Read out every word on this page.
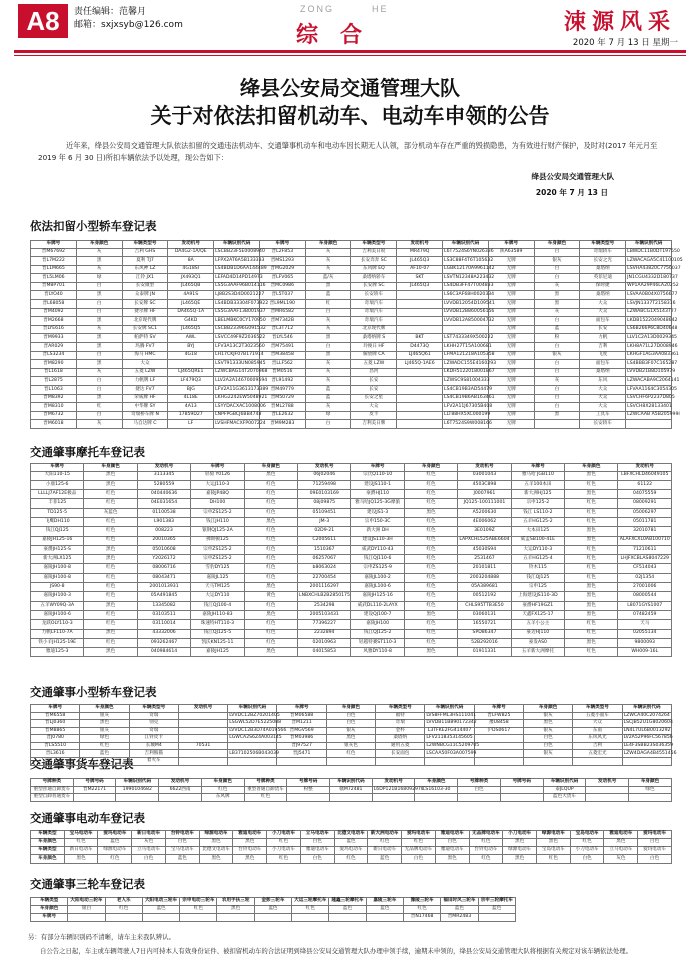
A8	责任编辑：范馨月
邮箱：sxjxsyb@126.com
ZONG	HE
综合
涑源风采
2020 年 7 月 13 日 星期一
绛县公安局交通管理大队
关于对依法扣留机动车、电动车申领的公告
近年来，绛县公安局交通管理大队依法扣留的交通违法机动车、交通肇事机动车和电动车因长期无人认领，部分机动车存在严重的毁损隐患，为有效进行财产保护，及时对(2017 年元月至 2019 年 6 月 30 日)所扣车辆依法予以处理，现公告如下：
绛县公安局交通管理大队
2020 年 7 月 13 日
依法扣留小型轿车登记表
交通肇事摩托车登记表
交通肇事小型轿车登记表
交通肇事货车登记表
交通肇事电动车登记表
交通肇事三轮车登记表
车牌号	车身颜色	车辆类型号	发动机号	车辆识别代码	车牌号	车身颜色	车辆类型号	发动机号	车辆识别代码	车牌号	车身颜色	车辆类型号	车辆识别代码
晋M67692	灰	吉利 GHS	DA4G2-1A/QE	LSCBB23F5E0008940	晋L2F853	灰	吉利美日锐	MR479Q	L6T7524S6YN026336	陕A63589	白	奇瑞轿车	LBWDC11B0DT197550
晋L7M222	黑	夏利 TJ7	8A	LFPX2AT6A5B133333	晋MS1293	灰	长安奔奔 SC	JL465Q3	LS3C88F4T6T105632	无牌	银灰	长安之光	LZWACAGA5C41100105
晋L1M665	灰	东风神 LZ	4G18SI	LS4BDB1D6AA144489	晋MG2029	灰	东风牌 EQ	AF10-07	LGBK12170A9961142	无牌	白	桑塔纳	LSVHA43820C7756037
晋L5LM06	绿	江铃 JX1	JX493Q1	LEFAD4D14PD14973	晋LFV065	蓝/灰	桑塔纳轿车	SKT	LSVTN12348A223432	无牌	白	英菲尼迪	JN1CGU4332D180737
晋M8P701	白	长安微型	JL465QB	LS5G3AAF96B014116	晋MC0986	黑	长安牌 SC	JL465Q3	LS4DB3FF47T004833	无牌	灰	保时捷	WP1AA29P46LA20252
晋LYO40	黑	众泰牌 JN	4A91S	LJ8B2S3D4D0021227	晋L5T037	蓝	长安轿车		LS6C3AF68H0020334	无牌	黑	桑塔纳	LSVAA0B04X0756677
晋L68058	白	长安牌 SC	JL465QE	LS4BDB33304F073922	晋L9ML190	红	奇瑞汽车		LVVDB12054D109541	无牌	黑	大众	LSVJN1337T2158316
晋M4092	白	捷尔牌 HF	DA465Q-1A	LS5G3AAF13B001937	晋MR6582	白	奇瑞汽车		LVVDB12B860056156	无牌	灰	大众	LZWABCG1X5143777
晋M2668	黑	北京现代牌	G4KD	LBELMBKC0CY170950	晋M7342B	灰	奇瑞汽车		LVVDB12A850004732	无牌	白	面包车	LKDB1522049048642
晋LYE616	灰	长安牌 SC1	JL465Q5	LSCBB23396G091532	晋L3T712	灰	北京现代牌			无牌	蓝	长安	LS6B266P6C8D40648
晋M9933	黑	帕萨特 SV	AWL	LSVCC49F9Z2036522	晋LYL546	黑	桑塔纳牌 S	BKT	LST7433349X500222	无牌	粉	力帆	LLV1C2A13D0029345
晋AR029	黑	玛腾 FV7	BYJ	LFV3A13C2T3023560	晋M75491	白	玲俊日 HF	D4473Q	LKHH27T15A100681	无牌	白	吉利	LKH8A71L27D008946
晋LS3234	白	海马 HMC	4G18	LH17CKJF07B171914	晋M38458	黑	解放牌 CA	LJ465Q61	LFMA121218A105358	无牌	银灰	飞度	LKHGF1AG3AA083361
晋M8290	黑	大众		LSVT91333UN085945	晋LLF562	灰	五菱 LZW	LJ465Q-1AE6	LZWADC155E4160293	无牌	白	面包车	LS4BBB3F07C165287
晋L1618	灰	五菱 LZW	LJ465QRE1	LZWCBAG14T2070968	晋M0516	灰	昌河		LKDH5122018001867	无牌	白	桑塔纳	LVVDB21B8D105979
晋L2875	白	力帆牌 LF	LF479Q3	LLV2A2A14670009594	晋L91492	灰	长安		LZWSC9S81004333	无牌	灰	东风	LZWACABA9C2064141
晋L1063	白	捷达 FV7	BJG	LFV2A11G3613173389	晋M49779	蓝	长安		LS4CB19B3AD54479	无牌	白	大众	LFVAA1164C3054305
晋M8392	黑	荣威牌 HF	4L18E	LKHG2242EW5048921	晋M50729	蓝	长安之星		LS4CB19B6AB163461	无牌	白	大众	LSVCHF6P2237D805
晋M8310	红	中华牌 SY	4A13	LSYYDACXAC1008006	晋ML2788	灰	大众		LFV2A11J67305B408	无牌	白	大众	LSVCH8X28133401
晋M6732	白	奇瑞桥车牌 N	17859D27	LNPFPGBCJ6BB4748	晋LE2632	绿	皮卡		LLT88HX5XC000199	无牌	黑	工具车	LZWCAAB A5B205999I
晋M6018	灰	马自达牌 C	LF	LVSHFMACXFP007224	晋M9M283	白	吉利美日牌		L6T7524S9W008166	无牌		长安轿车	
车牌号	车身颜色	发动机号	车牌号	车身颜色	发动机号	车牌号	车身颜色	发动机号	车牌号	车身颜色	发动机号
大阳110-15	黑色	3113345	轻骑 Y0126	黑色	06J02046	宗氏Q110-10	红色	03001043	雅马哈 JGB110	黑色	LBFXCHLD46049105
小康125-6	黑色	5280559	大运J110-3	红色	71259498	建设JS110-1	红色	4503C898	五羊100本田	红色	61122
LLLLJ7AF12E极品	红色	040440636	嘉陵JP48Q	红色	09E0103169	豪爵HJ110	红色	J0007961	新大洲HJ125	黑色	04075559
丰菲125	红色	04E031654	DH100	红色	08j09875	雅马哈JQ125-3G摩旅	红色	JQ125-100111001	宗申125-2	红色	08009291
TD125-5	灰蓝色	01100538	宗申ZS125-2	红色	05109451	建设JS1-3	黑色	A5200630	钱江 LS110-2	红色	05006297
飞鹰DH110	红色	L901383	钱江JH110	黑色	JM-3	宗申150-3C	红色	4E006062	五羊HG125-2	红色	05011781
钱江QJ125	红色	008223	银钢QJ125-2A	红色	02D9-21	新大洲 DH	红色	3E0109Z	大本田125	黑色	32010781
嘉陵JH125-16	红色	20010365	佛斯顿125	红色	C2005611	建设JS110-3H	红色	LAPXCHL525ABE6604	威孟SB100-41E	黑色	ALAFXCXL0AB100710
豪爵JH125-S	黑色	05010608	宗申ZS125-2	红色	1510367	威武DY110-43	红色	45030S94	大运DY110-3	红色	71210611
新大洲LX125	黑色	Y2026172	宗申ZS125-2	红色	06257067	钱江QJ110-6	红色	2531467	五羊HG125-4	红色	LHJFXCBLAS8047229
嘉陵JH100-8	红色	08006716	雪豹DY125	红色	b8063024	宗申ZS125-9	红色	20101811	铃木115	红色	CF514043
嘉陵JH100-8	红色	08043471	嘉陵JL125	红色	22700454	嘉陵JL100-2	红色	2003204888	钱江QJ125	红色	02J1354
JS90-8	红色	2001013931	天马TM125	黑色	2001116297	嘉陵JL100-6	红色	05A389681	宗申125	黑色	27001006
嘉陵JH100-3	红色	05A491845	大运DY110	黄色	LNBXCHLB2B2850175	嘉陵JH125-16	红色	00512192	上海建设JS110-3D	黑色	08000544
五羊WY09Q-3A	黑色	13345082	钱江QJ100-4	红色	2534298	威武DL110-2LAYX	红色	CHLS95TTB3E50	豪爵HF19GZ1	黑色	L8071GYS1007
嘉陵JH100-6	红色	03103511	嘉陵JH110-83	黑色	2005103431	建设QJ100-7	黑色	03060131	天鑫FX125-17	黑色	07482459
龙跃OLY110-3	红色	03110014	珠速特HT110-3	红色	77396227	嘉陵JH100	红色	16550721	五羊小公主	红色	天马
力帆LF110-7A	黑色	43332006	钱江QJ125-5	红色	2232894	钱江QJ125-2	红色	SPD86347	豪迈HJ110	红色	02055134
铁小羊JH125-19E	红色	093262467	凯沃KN125-11	红色	02010963	轻越特赛ST110-3	红色	52B292016	豪发AS0	黑色	9800093
雅迪125-3	黑色	040984614	嘉陵JH125	黑色	04015853	风雅DY110-8	黑色	01911331	五羊新大洲摩托	红色	WH009-16L
车牌号	车身颜色	车辆类型号	发动机号	车辆识别代码	车牌号	车身颜色	车辆类型号	车辆识别代码	车牌号	车身颜色	车辆类型号	车辆识别代码
晋M6558	银灰	奇瑞		LVVDC12BZ70201405	晋M06588	白色	福特	LVS8FFML3HS111041	晋LFW825	银灰	五菱小面车	LZWCA40C2074264
晋LJ0360	黑色	别克		LSGWL52D7E5225088	晋M1211	白色	奇瑞	LVVDB11B890172342	豫U8458	黑色	大众	LSCJB52U1G8020604
晋M8865	银灰	奇瑞		LVVDC12B3D74A019566	晋MGV569	银灰	金杯	L3TFKE2FG414407	沪DS0617	银灰	东南	LN4L7UL6B0013292
晋J0780	绿色	江铃皮卡		LGWCA2S6Z4A003145	晋M03986	黑色	桑塔纳	LFV2118353145605		白色	东风风光	LV2A52P96FC567856
晋LS5510	红色	长城M4	70531		晋J97527	银灰色	通用五菱	L2WNBCG11C5209705		白色	吉利	LE4F3SBB23S036359
晋L3616	蓝色	吉利熊猫		LB37102506B043039	晋J5471	红色	长安面包	LSCAA50F03A007599		银灰	五菱宏光	LZW4DAGA4B4551456
		着火车										
号牌种类	号牌号码	车辆识别代码	发动机号	车身颜色	号牌种类	号牌号码	车辆识别代码	发动机号	车身颜色	号牌种类	号牌号码	车辆识别代码	发动机号	车身颜色
重型普通自卸货车	晋M22171	1990104682	6622西南	红色	重型普通自卸货车	粉整	赣M72481	L6DP121B168092970	CS16103-30	白色		泰JLQUP		绿色
重型自卸普通货车				东风牌	红色							蓝色大货车		
车辆类型	宝马电动车	爱玛电动车	新日电动车	台铃电动车	绿源电动车	雅迪电动车	小刀电动车	立马电动车	比德文电动车	新大洲电动车	爱玛电动车	雅迪电动车	无品牌电动车	小刀电动车	绿源电动车	宝岛电动车	雅迪电动车	爱玛电动车
车身颜色	红色	蓝色	灰色	白色	黑色	黑色	红色	白色	蓝色	红色	红色	白色	红色	黑色	黑色	红色	黑色	白色
车辆类型	新日电动车	绿源电动车	立马电动车	宝马电动车	比德文电动车	台铃电动车	小刀电动车	雅迪电动车	爱玛电动车	新日电动车	无品牌电动车	雅迪电动车	台铃电动车	绿源电动车	宝岛电动车	小刀电动车	立马电动车	爱玛电动车
车身颜色	黑色	红色	白色	蓝色	黑色	黑色	红色	白色	红色	蓝色	白色	黑色	红色	黑色	红色	白色	灰色	白色
车辆类型	大阳电动三轮车	老人乐	大阳电动三轮车	宗申电动三轮车	农用手扶三轮	金彭三轮车	大运三轮摩托车	隆鑫三轮摩托车	嘉陵三轮车	豫陵三轮车	福田时风三轮车	宗申三轮摩托车
车身颜色	银白	红色	蓝色	红色	黑色	蓝色	红色	蓝色	蓝色	红色	蓝色	蓝色
车牌号										晋N17468	晋MR2483	
另：有部分车辆识别码不清晰，请车主来我队辨认。
自公告之日起，车主或车辆驾驶人7日内可持本人有效身份证件、被扣留机动车的合法证明到绛县公安局交通管理大队办理申领手续，逾期未申领的，绛县公安局交通管理大队将根据有关规定对该车辆依法处理。
